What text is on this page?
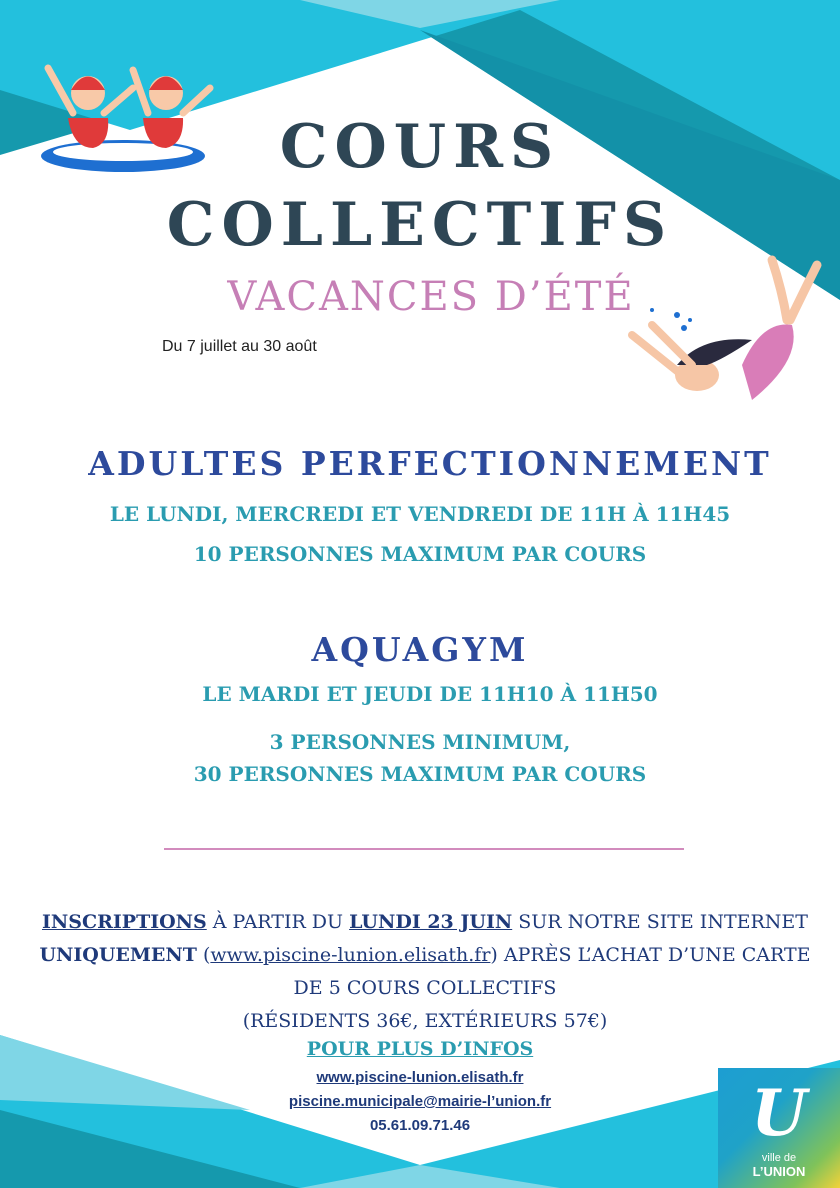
COURS
COLLECTIFS
VACANCES D’ÉTÉ
Du 7 juillet au 30 août
ADULTES PERFECTIONNEMENT
LE LUNDI, MERCREDI ET VENDREDI DE 11H À 11H45
10 PERSONNES MAXIMUM PAR COURS
AQUAGYM
LE MARDI ET JEUDI DE 11H10 À 11H50
3 PERSONNES MINIMUM,
30 PERSONNES MAXIMUM PAR COURS
INSCRIPTIONS À PARTIR DU LUNDI 23 JUIN SUR NOTRE SITE INTERNET
UNIQUEMENT (www.piscine-lunion.elisath.fr) APRÈS L’ACHAT D’UNE CARTE
DE 5 COURS COLLECTIFS
(RÉSIDENTS 36€, EXTÉRIEURS 57€)
POUR PLUS D’INFOS
www.piscine-lunion.elisath.fr
piscine.municipale@mairie-l’union.fr
05.61.09.71.46	U
ville de
L’UNION
